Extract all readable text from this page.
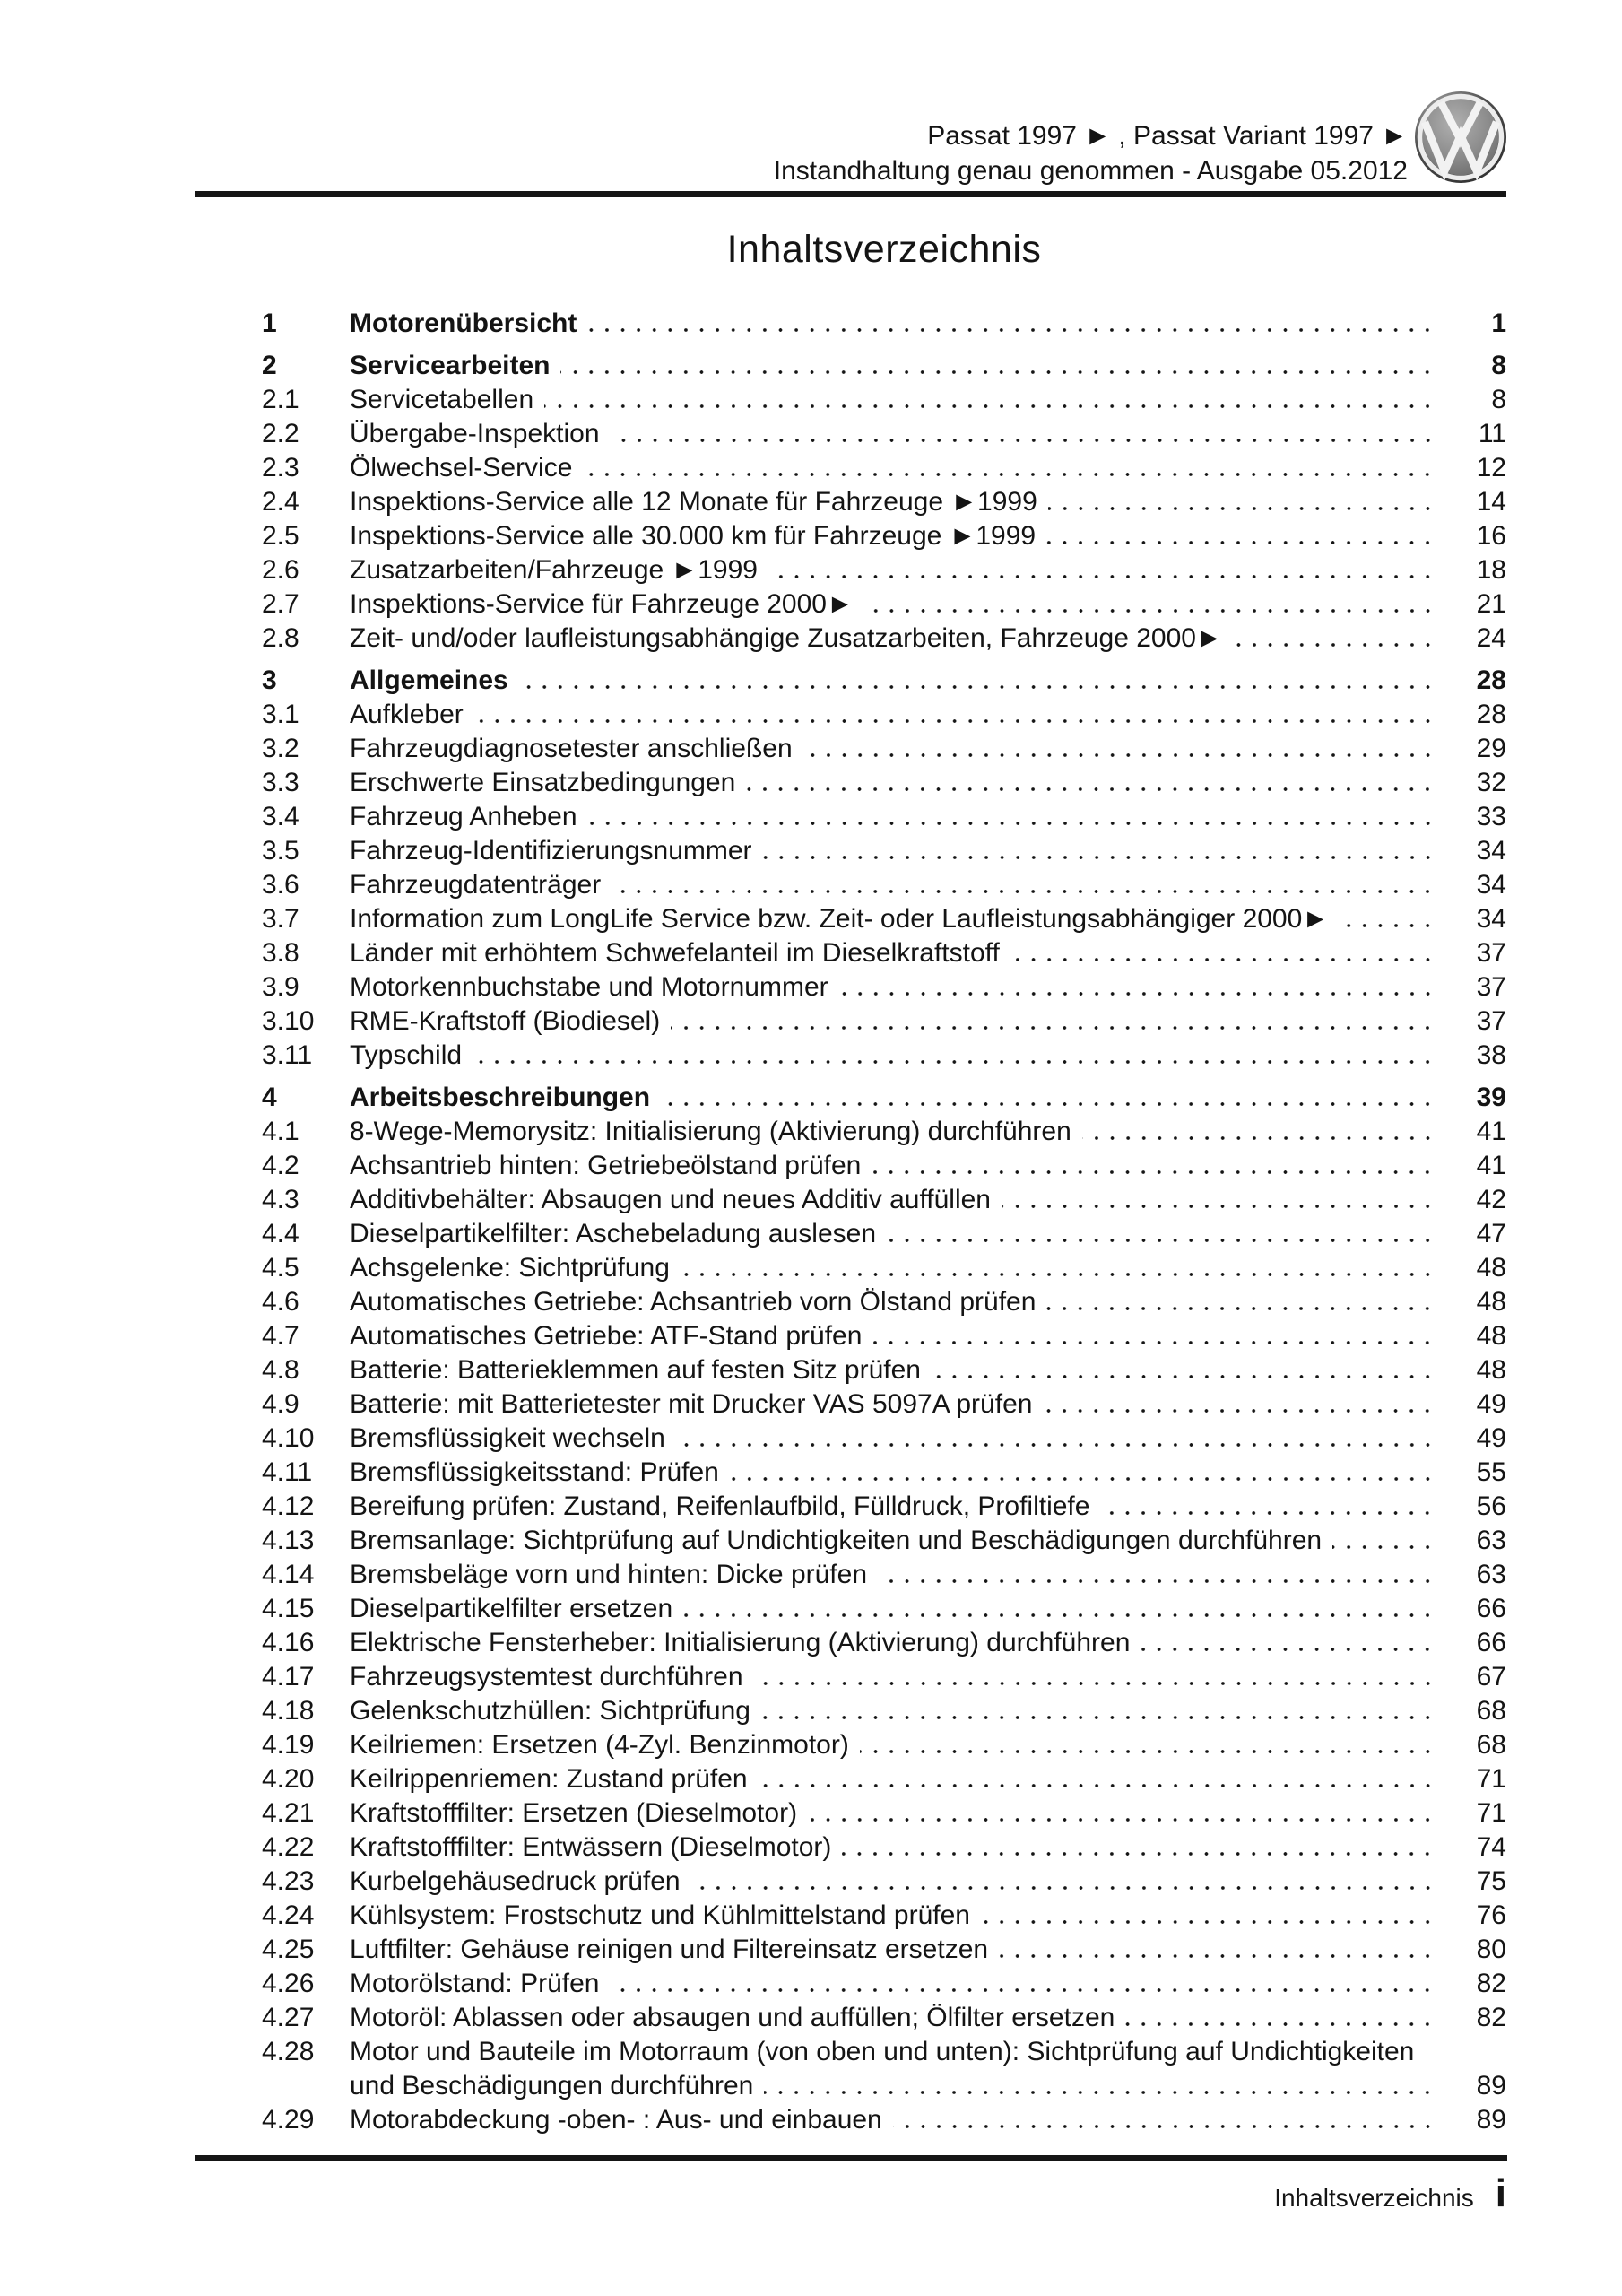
Passat 1997 ► , Passat Variant 1997 ►
Instandhaltung genau genommen - Ausgabe 05.2012
Inhaltsverzeichnis
1	Motorenübersicht	1
2	Servicearbeiten	8
2.1	Servicetabellen	8
2.2	Übergabe-Inspektion	11
2.3	Ölwechsel-Service	12
2.4	Inspektions-Service alle 12 Monate für Fahrzeuge ►1999	14
2.5	Inspektions-Service alle 30.000 km für Fahrzeuge ►1999	16
2.6	Zusatzarbeiten/Fahrzeuge ►1999	18
2.7	Inspektions-Service für Fahrzeuge 2000►	21
2.8	Zeit- und/oder laufleistungsabhängige Zusatzarbeiten, Fahrzeuge 2000►	24
3	Allgemeines	28
3.1	Aufkleber	28
3.2	Fahrzeugdiagnosetester anschließen	29
3.3	Erschwerte Einsatzbedingungen	32
3.4	Fahrzeug Anheben	33
3.5	Fahrzeug-Identifizierungsnummer	34
3.6	Fahrzeugdatenträger	34
3.7	Information zum LongLife Service bzw. Zeit- oder Laufleistungsabhängiger 2000►	34
3.8	Länder mit erhöhtem Schwefelanteil im Dieselkraftstoff	37
3.9	Motorkennbuchstabe und Motornummer	37
3.10	RME-Kraftstoff (Biodiesel)	37
3.11	Typschild	38
4	Arbeitsbeschreibungen	39
4.1	8-Wege-Memorysitz: Initialisierung (Aktivierung) durchführen	41
4.2	Achsantrieb hinten: Getriebeölstand prüfen	41
4.3	Additivbehälter: Absaugen und neues Additiv auffüllen	42
4.4	Dieselpartikelfilter: Aschebeladung auslesen	47
4.5	Achsgelenke: Sichtprüfung	48
4.6	Automatisches Getriebe: Achsantrieb vorn Ölstand prüfen	48
4.7	Automatisches Getriebe: ATF-Stand prüfen	48
4.8	Batterie: Batterieklemmen auf festen Sitz prüfen	48
4.9	Batterie: mit Batterietester mit Drucker VAS 5097A prüfen	49
4.10	Bremsflüssigkeit wechseln	49
4.11	Bremsflüssigkeitsstand: Prüfen	55
4.12	Bereifung prüfen: Zustand, Reifenlaufbild, Fülldruck, Profiltiefe	56
4.13	Bremsanlage: Sichtprüfung auf Undichtigkeiten und Beschädigungen durchführen	63
4.14	Bremsbeläge vorn und hinten: Dicke prüfen	63
4.15	Dieselpartikelfilter ersetzen	66
4.16	Elektrische Fensterheber: Initialisierung (Aktivierung) durchführen	66
4.17	Fahrzeugsystemtest durchführen	67
4.18	Gelenkschutzhüllen: Sichtprüfung	68
4.19	Keilriemen: Ersetzen (4-Zyl. Benzinmotor)	68
4.20	Keilrippenriemen: Zustand prüfen	71
4.21	Kraftstofffilter: Ersetzen (Dieselmotor)	71
4.22	Kraftstofffilter: Entwässern (Dieselmotor)	74
4.23	Kurbelgehäusedruck prüfen	75
4.24	Kühlsystem: Frostschutz und Kühlmittelstand prüfen	76
4.25	Luftfilter: Gehäuse reinigen und Filtereinsatz ersetzen	80
4.26	Motorölstand: Prüfen	82
4.27	Motoröl: Ablassen oder absaugen und auffüllen; Ölfilter ersetzen	82
4.28	Motor und Bauteile im Motorraum (von oben und unten): Sichtprüfung auf Undichtigkeiten
und Beschädigungen durchführen	89
4.29	Motorabdeckung -oben- : Aus- und einbauen	89
Inhaltsverzeichnis i
